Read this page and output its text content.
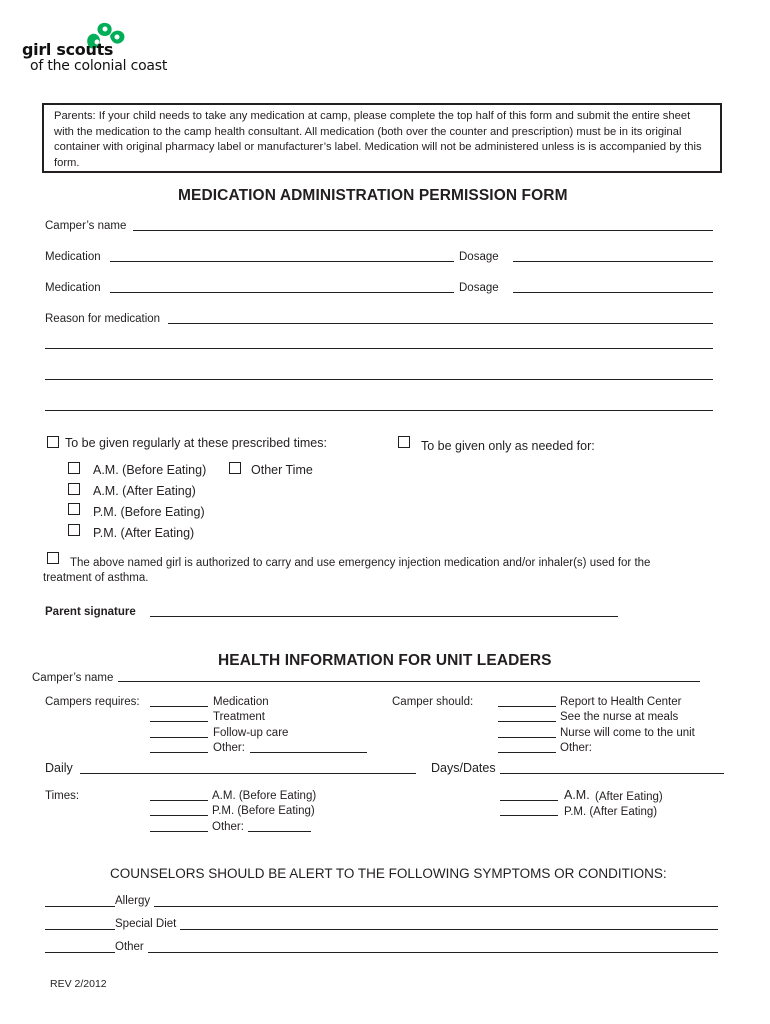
girl scouts
of the colonial coast
Parents: If your child needs to take any medication at camp, please complete the top half of this form and submit the entire sheet with the medication to the camp health consultant. All medication (both over the counter and prescription) must be in its original container with original pharmacy label or manufacturer’s label. Medication will not be administered unless is is accompanied by this form.
MEDICATION ADMINISTRATION PERMISSION FORM
Camper’s name
Medication	Dosage
Medication	Dosage
Reason for medication
To be given regularly at these prescribed times:	To be given only as needed for:
A.M. (Before Eating)	Other Time
A.M. (After Eating)
P.M. (Before Eating)
P.M. (After Eating)
The above named girl is authorized to carry and use emergency injection medication and/or inhaler(s) used for the
treatment of asthma.
Parent signature
HEALTH INFORMATION FOR UNIT LEADERS
Camper’s name
Campers requires:	Medication
Treatment
Follow-up care
Other:
Camper should:	Report to Health Center
See the nurse at meals
Nurse will come to the unit
Other:
Daily	Days/Dates
Times:	A.M. (Before Eating)
P.M. (Before Eating)
Other:
A.M. (After Eating)
P.M. (After Eating)
COUNSELORS SHOULD BE ALERT TO THE FOLLOWING SYMPTOMS OR CONDITIONS:
Allergy
Special Diet
Other
REV 2/2012
